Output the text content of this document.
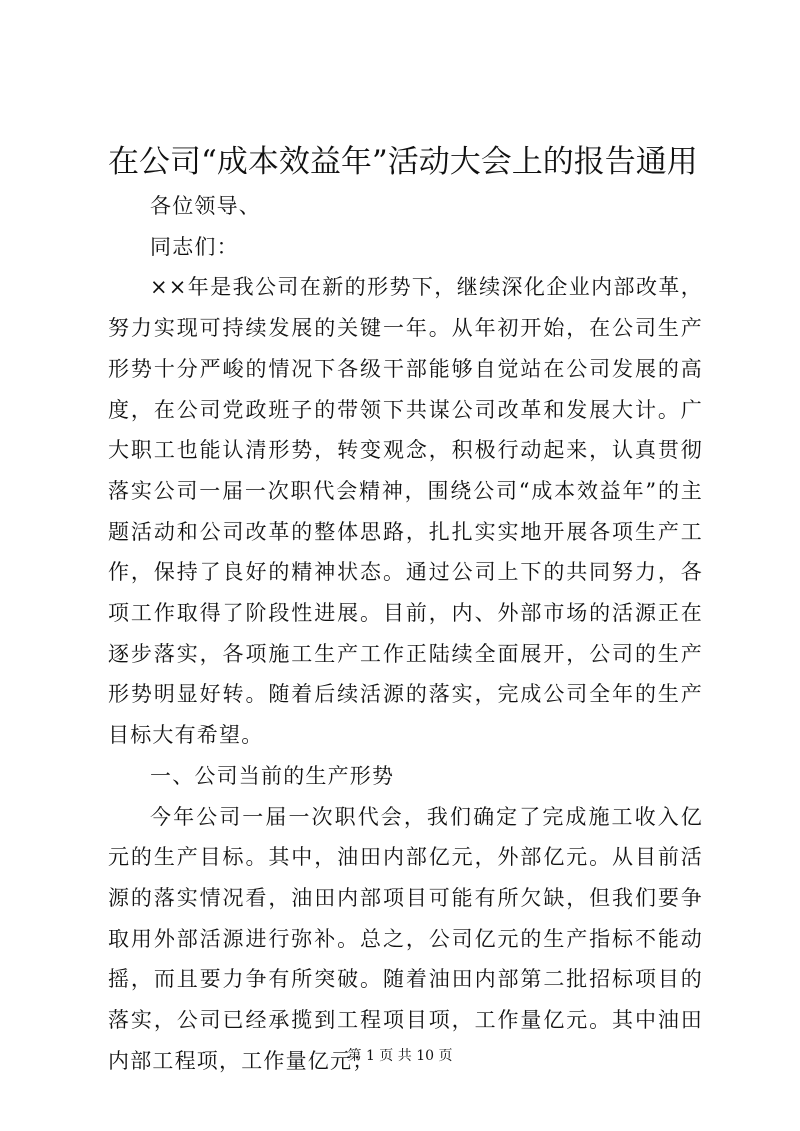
在公司“成本效益年”活动大会上的报告通用

各位领导、

同志们：

××年是我公司在新的形势下，继续深化企业内部改革，努力实现可持续发展的关键一年。从年初开始，在公司生产形势十分严峻的情况下各级干部能够自觉站在公司发展的高度，在公司党政班子的带领下共谋公司改革和发展大计。广大职工也能认清形势，转变观念，积极行动起来，认真贯彻落实公司一届一次职代会精神，围绕公司“成本效益年”的主题活动和公司改革的整体思路，扎扎实实地开展各项生产工作，保持了良好的精神状态。通过公司上下的共同努力，各项工作取得了阶段性进展。目前，内、外部市场的活源正在逐步落实，各项施工生产工作正陆续全面展开，公司的生产形势明显好转。随着后续活源的落实，完成公司全年的生产目标大有希望。

一、公司当前的生产形势

今年公司一届一次职代会，我们确定了完成施工收入亿元的生产目标。其中，油田内部亿元，外部亿元。从目前活源的落实情况看，油田内部项目可能有所欠缺，但我们要争取用外部活源进行弥补。总之，公司亿元的生产指标不能动摇，而且要力争有所突破。随着油田内部第二批招标项目的落实，公司已经承揽到工程项目项，工作量亿元。其中油田内部工程项，工作量亿元；

第 1 页 共 10 页
